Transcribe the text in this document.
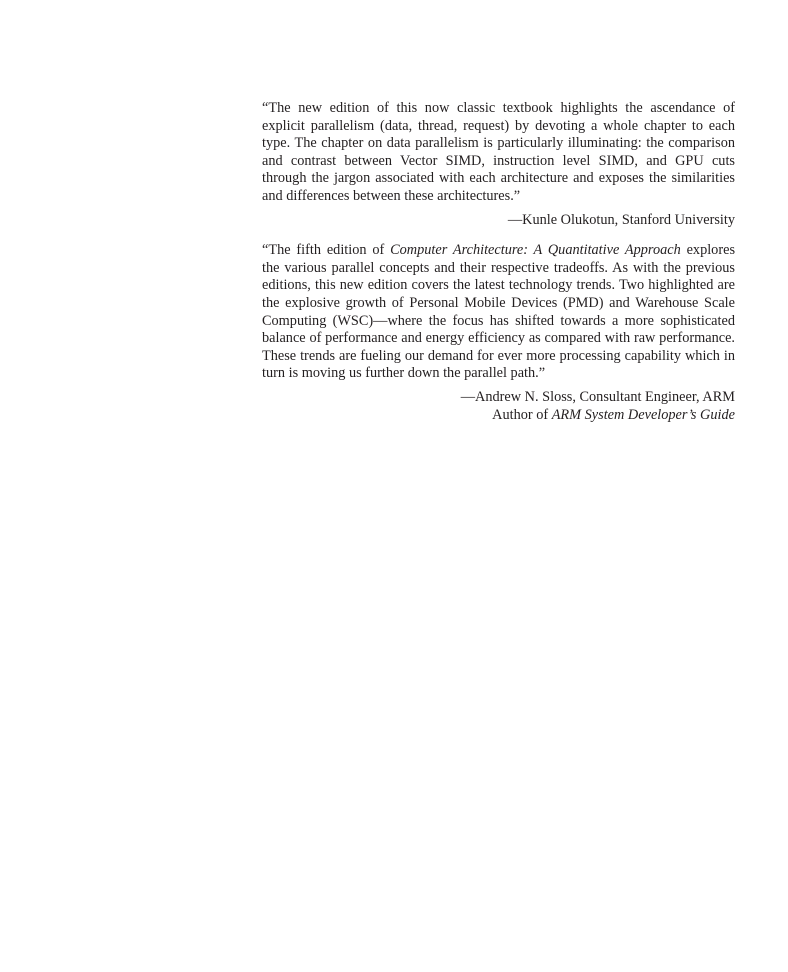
“The new edition of this now classic textbook highlights the ascendance of explicit parallelism (data, thread, request) by devoting a whole chapter to each type. The chapter on data parallelism is particularly illuminating: the comparison and contrast between Vector SIMD, instruction level SIMD, and GPU cuts through the jargon associated with each architecture and exposes the similarities and differences between these architectures.”

—Kunle Olukotun, Stanford University

“The fifth edition of Computer Architecture: A Quantitative Approach explores the various parallel concepts and their respective tradeoffs. As with the previous editions, this new edition covers the latest technology trends. Two highlighted are the explosive growth of Personal Mobile Devices (PMD) and Warehouse Scale Computing (WSC)—where the focus has shifted towards a more sophisticated balance of performance and energy efficiency as compared with raw performance. These trends are fueling our demand for ever more processing capability which in turn is moving us further down the parallel path.”

—Andrew N. Sloss, Consultant Engineer, ARM
Author of ARM System Developer’s Guide
